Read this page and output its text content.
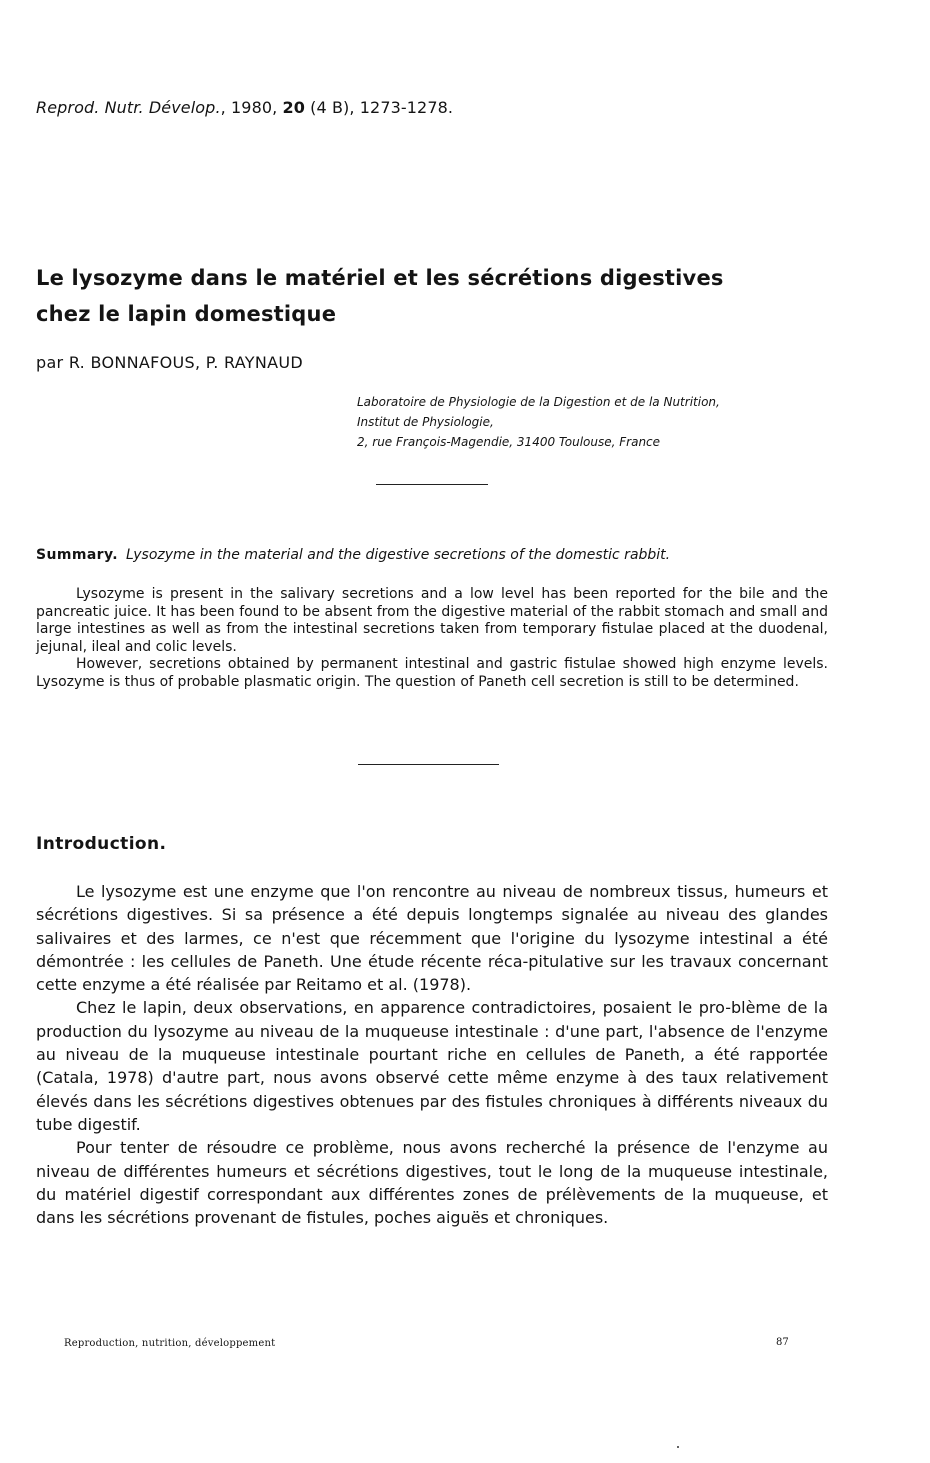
Reprod. Nutr. Dévelop., 1980, 20 (4 B), 1273-1278.
Le lysozyme dans le matériel et les sécrétions digestives
chez le lapin domestique
par R. BONNAFOUS, P. RAYNAUD
Laboratoire de Physiologie de la Digestion et de la Nutrition,
Institut de Physiologie,
2, rue François-Magendie, 31400 Toulouse, France
Summary. Lysozyme in the material and the digestive secretions of the domestic rabbit.

Lysozyme is present in the salivary secretions and a low level has been reported for the bile and the pancreatic juice. It has been found to be absent from the digestive material of the rabbit stomach and small and large intestines as well as from the intestinal secretions taken from temporary fistulae placed at the duodenal, jejunal, ileal and colic levels.

However, secretions obtained by permanent intestinal and gastric fistulae showed high enzyme levels. Lysozyme is thus of probable plasmatic origin. The question of Paneth cell secretion is still to be determined.

Introduction.

Le lysozyme est une enzyme que l'on rencontre au niveau de nombreux tissus, humeurs et sécrétions digestives. Si sa présence a été depuis longtemps signalée au niveau des glandes salivaires et des larmes, ce n'est que récemment que l'origine du lysozyme intestinal a été démontrée : les cellules de Paneth. Une étude récente réca-pitulative sur les travaux concernant cette enzyme a été réalisée par Reitamo et al. (1978).

Chez le lapin, deux observations, en apparence contradictoires, posaient le pro-blème de la production du lysozyme au niveau de la muqueuse intestinale : d'une part, l'absence de l'enzyme au niveau de la muqueuse intestinale pourtant riche en cellules de Paneth, a été rapportée (Catala, 1978) d'autre part, nous avons observé cette même enzyme à des taux relativement élevés dans les sécrétions digestives obtenues par des fistules chroniques à différents niveaux du tube digestif.

Pour tenter de résoudre ce problème, nous avons recherché la présence de l'enzyme au niveau de différentes humeurs et sécrétions digestives, tout le long de la muqueuse intestinale, du matériel digestif correspondant aux différentes zones de prélèvements de la muqueuse, et dans les sécrétions provenant de fistules, poches aiguës et chroniques.

Reproduction, nutrition, développement	87
